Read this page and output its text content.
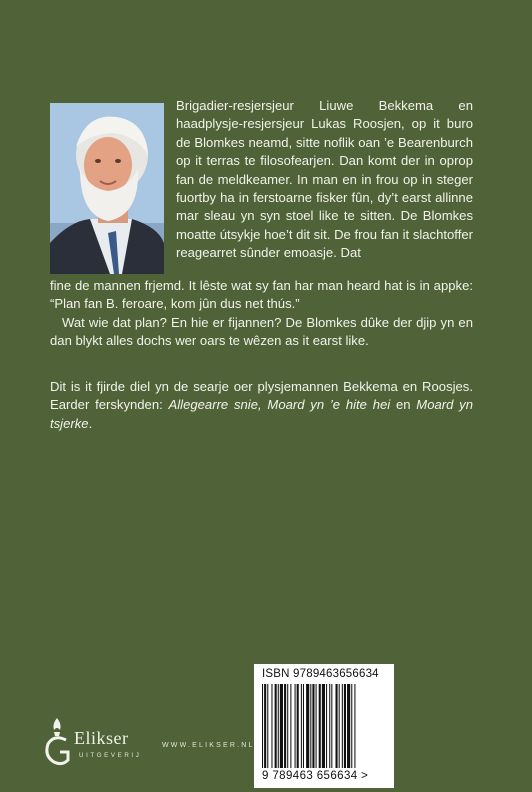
Brigadier-resjersjeur Liuwe Bekkema en haadplysje-resjersjeur Lukas Roosjen, op it buro de Blomkes neamd, sitte noflik oan ’e Bearenburch op it terras te filosofearjen. Dan komt der in oprop fan de meldkeamer. In man en in frou op in steger fuortby ha in ferstoarne fisker fûn, dy’t earst allinne mar sleau yn syn stoel like te sitten. De Blomkes moatte útsykje hoe’t dit sit. De frou fan it slachtoffer reagearret sûnder emoasje. Dat

fine de mannen frjemd. It lêste wat sy fan har man heard hat is in appke: “Plan fan B. feroare, kom jûn dus net thús.”

Wat wie dat plan? En hie er fijannen? De Blomkes dûke der djip yn en dan blykt alles dochs wer oars te wêzen as it earst like.

Dit is it fjirde diel yn de searje oer plysjemannen Bekkema en Roosjes. Earder ferskynden: Allegearre snie, Moard yn ’e hite hei en Moard yn tsjerke.

ISBN 9789463656634
9 789463 656634 >
Elikser
UITGEVERIJ
WWW.ELIKSER.NL
